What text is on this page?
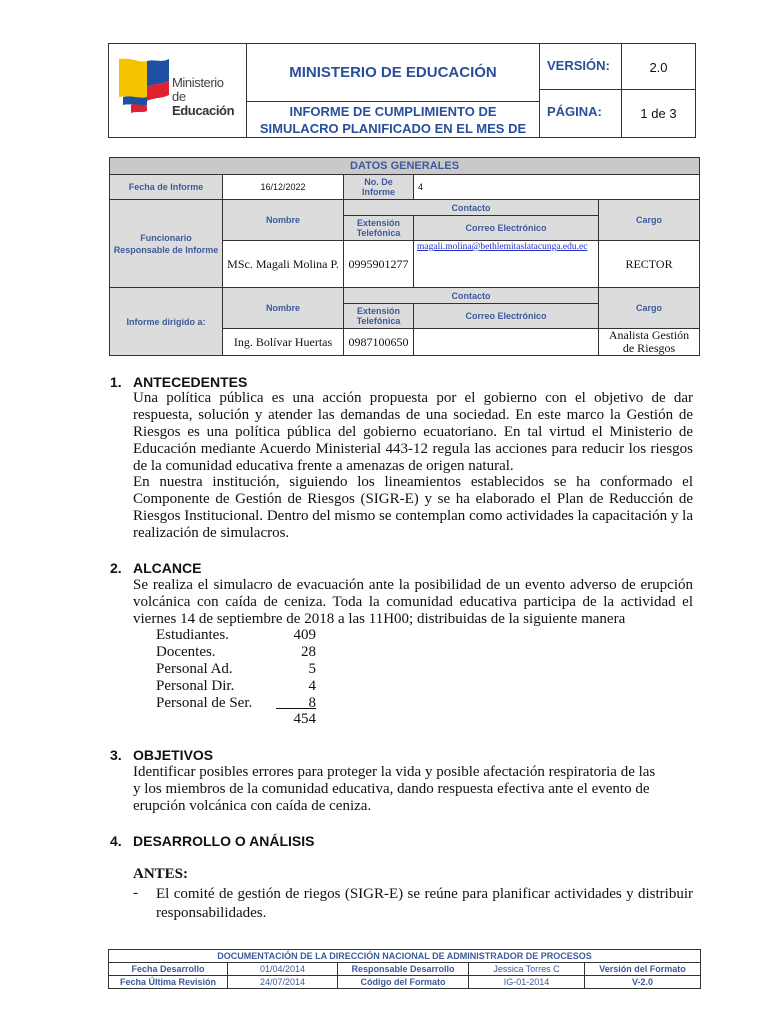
Ministerio
de Educación
MINISTERIO DE EDUCACIÓN
INFORME DE CUMPLIMIENTO DE
SIMULACRO PLANIFICADO EN EL MES DE
VERSIÓN:	2.0
PÁGINA:	1 de 3
DATOS GENERALES				
Fecha de Informe	16/12/2022	No. De Informe	4	
Funcionario Responsable de Informe	Nombre	Contacto		Cargo
		Extensión Telefónica	Correo Electrónico	
	MSc. Magali Molina P.	0995901277	magali.molina@bethlemitaslatacunga.edu.ec	RECTOR
Informe dirigido a:	Nombre	Contacto		Cargo
		Extensión Telefónica	Correo Electrónico	
	Ing. Bolívar Huertas	0987100650		Analista Gestión de Riesgos
1. ANTECEDENTES
Una política pública es una acción propuesta por el gobierno con el objetivo de dar respuesta, solución y atender las demandas de una sociedad. En este marco la Gestión de Riesgos es una política pública del gobierno ecuatoriano. En tal virtud el Ministerio de Educación mediante Acuerdo Ministerial 443-12 regula las acciones para reducir los riesgos de la comunidad educativa frente a amenazas de origen natural.
En nuestra institución, siguiendo los lineamientos establecidos se ha conformado el Componente de Gestión de Riesgos (SIGR-E) y se ha elaborado el Plan de Reducción de Riesgos Institucional. Dentro del mismo se contemplan como actividades la capacitación y la realización de simulacros.
2. ALCANCE
Se realiza el simulacro de evacuación ante la posibilidad de un evento adverso de erupción volcánica con caída de ceniza. Toda la comunidad educativa participa de la actividad el viernes 14 de septiembre de 2018 a las 11H00; distribuidas de la siguiente manera
Estudiantes.	409
Docentes.	28
Personal Ad.	5
Personal Dir.	4
Personal de Ser.	8
454
3. OBJETIVOS
Identificar posibles errores para proteger la vida y posible afectación respiratoria de las y los miembros de la comunidad educativa, dando respuesta efectiva ante el evento de erupción volcánica con caída de ceniza.
4. DESARROLLO O ANÁLISIS
ANTES:
- El comité de gestión de riegos (SIGR-E) se reúne para planificar actividades y distribuir responsabilidades.
DOCUMENTACIÓN DE LA DIRECCIÓN NACIONAL DE ADMINISTRADOR DE PROCESOS				
Fecha Desarrollo	01/04/2014	Responsable Desarrollo	Jessica Torres C	Versión del Formato
Fecha Última Revisión	24/07/2014	Código del Formato	IG-01-2014	V-2.0
